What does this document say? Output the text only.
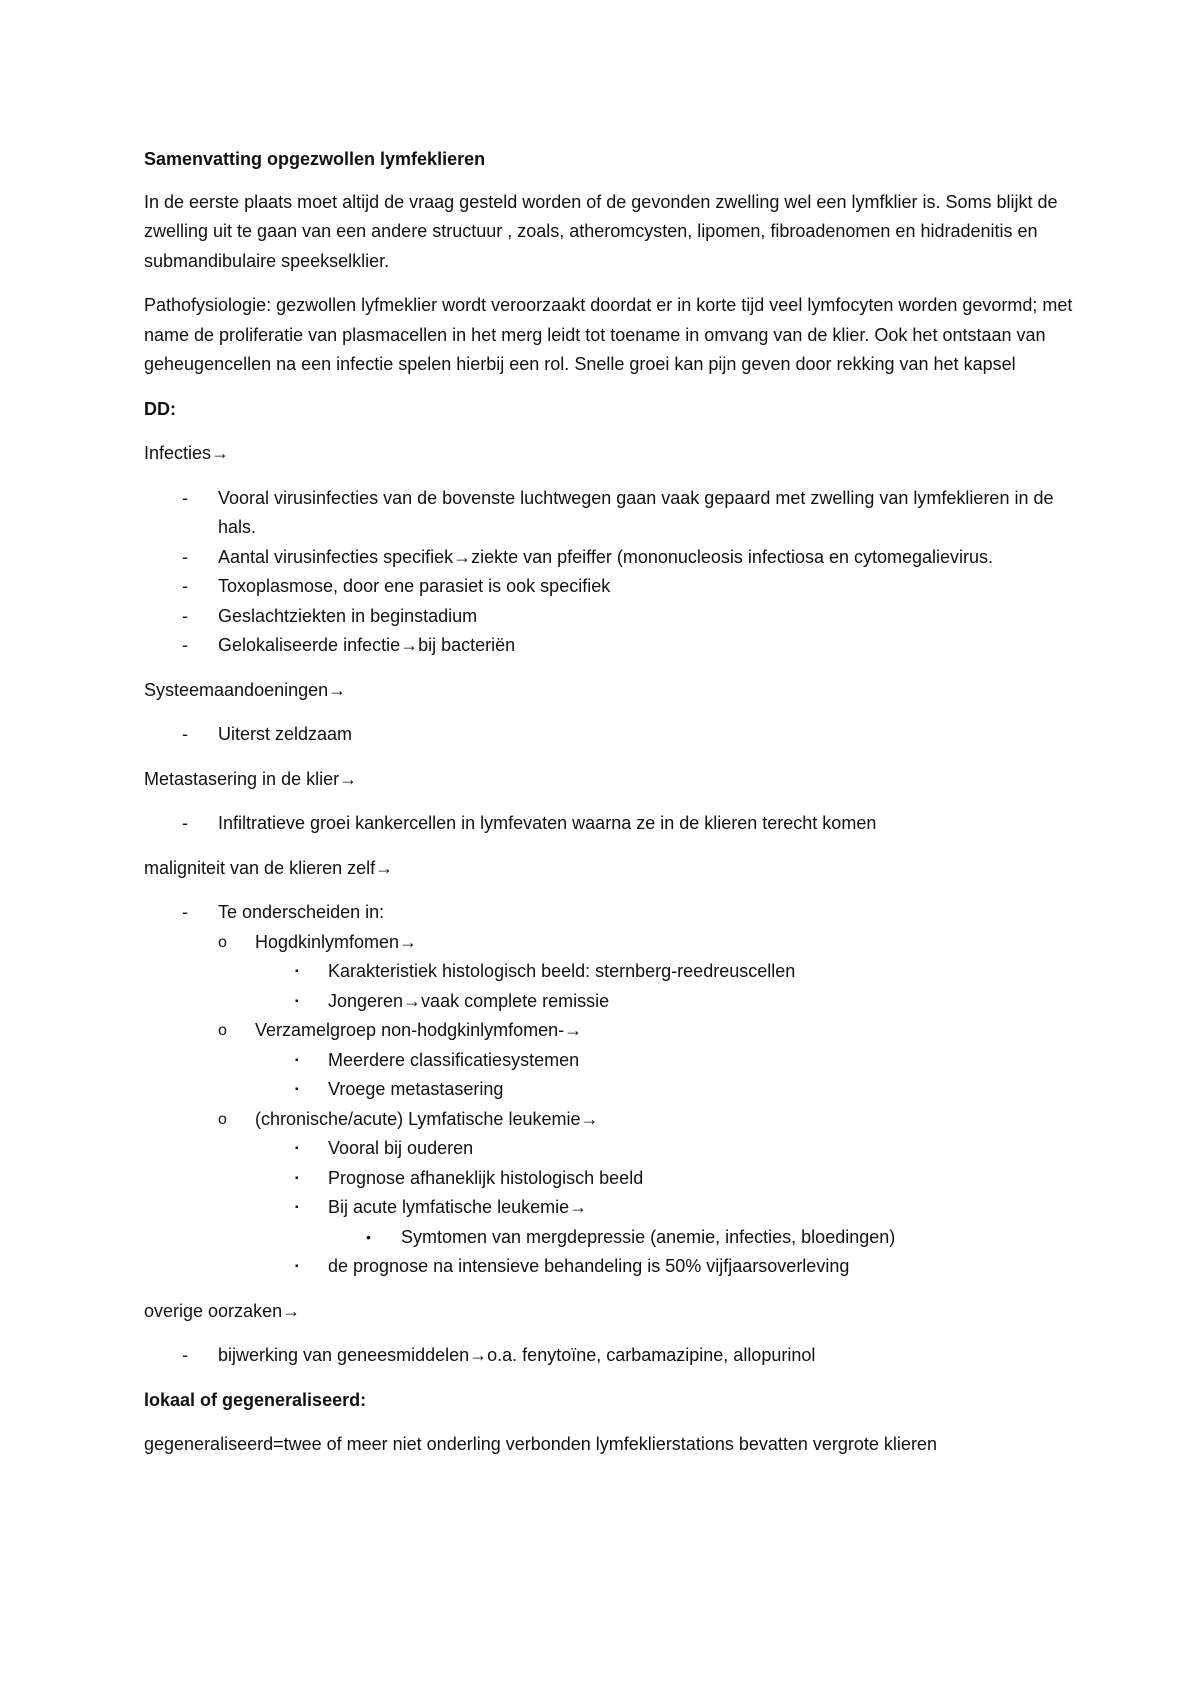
Samenvatting opgezwollen lymfeklieren

In de eerste plaats moet altijd de vraag gesteld worden of de gevonden zwelling wel een lymfklier is. Soms blijkt de zwelling uit te gaan van een andere structuur , zoals, atheromcysten, lipomen, fibroadenomen en hidradenitis en submandibulaire speekselklier.

Pathofysiologie: gezwollen lyfmeklier wordt veroorzaakt doordat er in korte tijd veel lymfocyten worden gevormd; met name de proliferatie van plasmacellen in het merg leidt tot toename in omvang van de klier. Ook het ontstaan van geheugencellen na een infectie spelen hierbij een rol. Snelle groei kan pijn geven door rekking van het kapsel

DD:

Infecties→

- Vooral virusinfecties van de bovenste luchtwegen gaan vaak gepaard met zwelling van lymfeklieren in de hals.
- Aantal virusinfecties specifiek→ziekte van pfeiffer (mononucleosis infectiosa en cytomegalievirus.
- Toxoplasmose, door ene parasiet is ook specifiek
- Geslachtziekten in beginstadium
- Gelokaliseerde infectie→bij bacteriën

Systeemaandoeningen→

- Uiterst zeldzaam

Metastasering in de klier→

- Infiltratieve groei kankercellen in lymfevaten waarna ze in de klieren terecht komen

maligniteit van de klieren zelf→

- Te onderscheiden in:
o Hogdkinlymfomen→
▪ Karakteristiek histologisch beeld: sternberg-reedreuscellen
▪ Jongeren→vaak complete remissie
o Verzamelgroep non-hodgkinlymfomen-→
▪ Meerdere classificatiesystemen
▪ Vroege metastasering
o (chronische/acute) Lymfatische leukemie→
▪ Vooral bij ouderen
▪ Prognose afhaneklijk histologisch beeld
▪ Bij acute lymfatische leukemie→
• Symtomen van mergdepressie (anemie, infecties, bloedingen)
▪ de prognose na intensieve behandeling is 50% vijfjaarsoverleving

overige oorzaken→

- bijwerking van geneesmiddelen→o.a. fenytoïne, carbamazipine, allopurinol

lokaal of gegeneraliseerd:

gegeneraliseerd=twee of meer niet onderling verbonden lymfeklierstations bevatten vergrote klieren
